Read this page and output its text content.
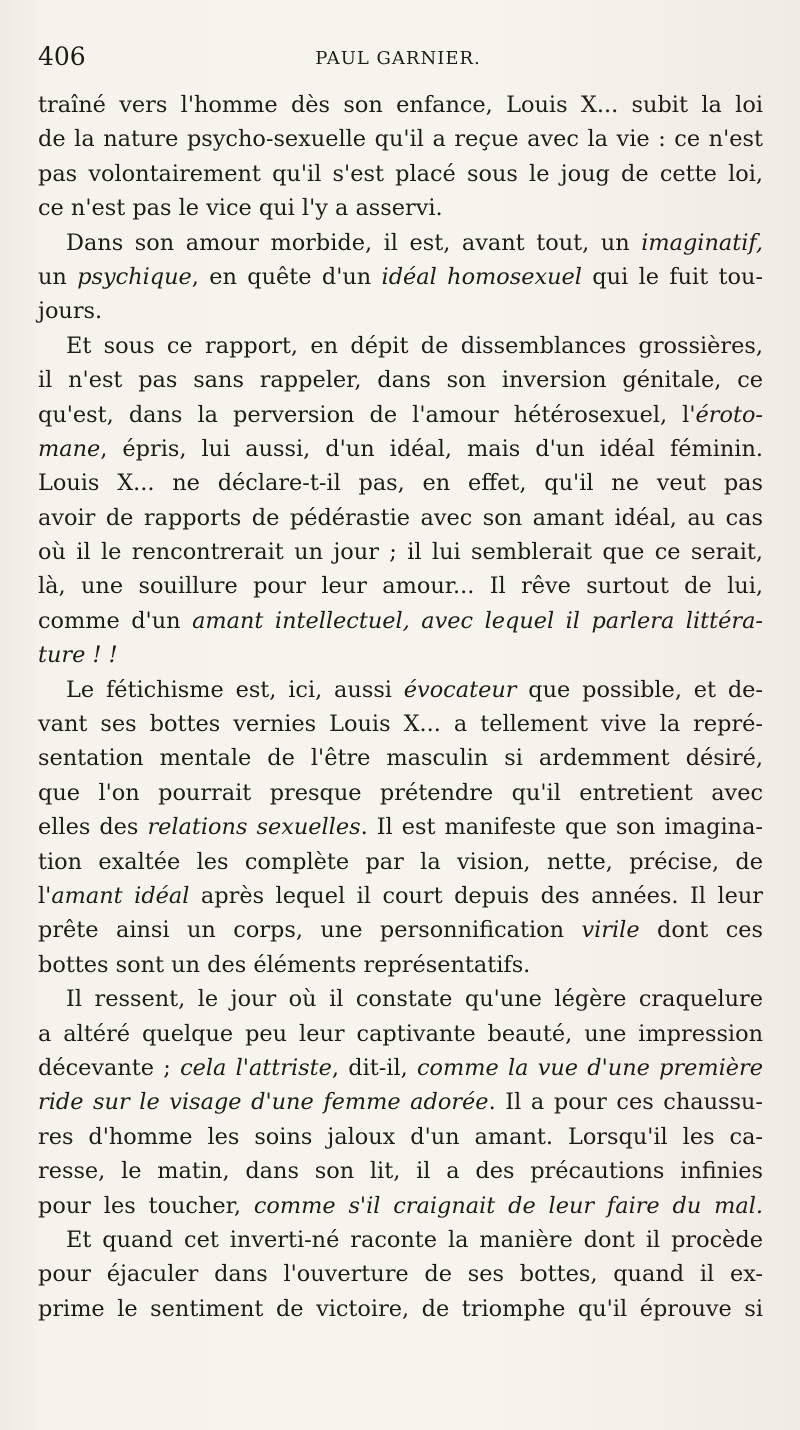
406	PAUL GARNIER.
traîné vers l'homme dès son enfance, Louis X... subit la loi
de la nature psycho-sexuelle qu'il a reçue avec la vie : ce n'est
pas volontairement qu'il s'est placé sous le joug de cette loi,
ce n'est pas le vice qui l'y a asservi.
Dans son amour morbide, il est, avant tout, un imaginatif,
un psychique, en quête d'un idéal homosexuel qui le fuit tou-
jours.
Et sous ce rapport, en dépit de dissemblances grossières,
il n'est pas sans rappeler, dans son inversion génitale, ce
qu'est, dans la perversion de l'amour hétérosexuel, l'éroto-
mane, épris, lui aussi, d'un idéal, mais d'un idéal féminin.
Louis X... ne déclare-t-il pas, en effet, qu'il ne veut pas
avoir de rapports de pédérastie avec son amant idéal, au cas
où il le rencontrerait un jour ; il lui semblerait que ce serait,
là, une souillure pour leur amour... Il rêve surtout de lui,
comme d'un amant intellectuel, avec lequel il parlera littéra-
ture ! !
Le fétichisme est, ici, aussi évocateur que possible, et de-
vant ses bottes vernies Louis X... a tellement vive la repré-
sentation mentale de l'être masculin si ardemment désiré,
que l'on pourrait presque prétendre qu'il entretient avec
elles des relations sexuelles. Il est manifeste que son imagina-
tion exaltée les complète par la vision, nette, précise, de
l'amant idéal après lequel il court depuis des années. Il leur
prête ainsi un corps, une personnification virile dont ces
bottes sont un des éléments représentatifs.
Il ressent, le jour où il constate qu'une légère craquelure
a altéré quelque peu leur captivante beauté, une impression
décevante ; cela l'attriste, dit-il, comme la vue d'une première
ride sur le visage d'une femme adorée. Il a pour ces chaussu-
res d'homme les soins jaloux d'un amant. Lorsqu'il les ca-
resse, le matin, dans son lit, il a des précautions infinies
pour les toucher, comme s'il craignait de leur faire du mal.
Et quand cet inverti-né raconte la manière dont il procède
pour éjaculer dans l'ouverture de ses bottes, quand il ex-
prime le sentiment de victoire, de triomphe qu'il éprouve si
